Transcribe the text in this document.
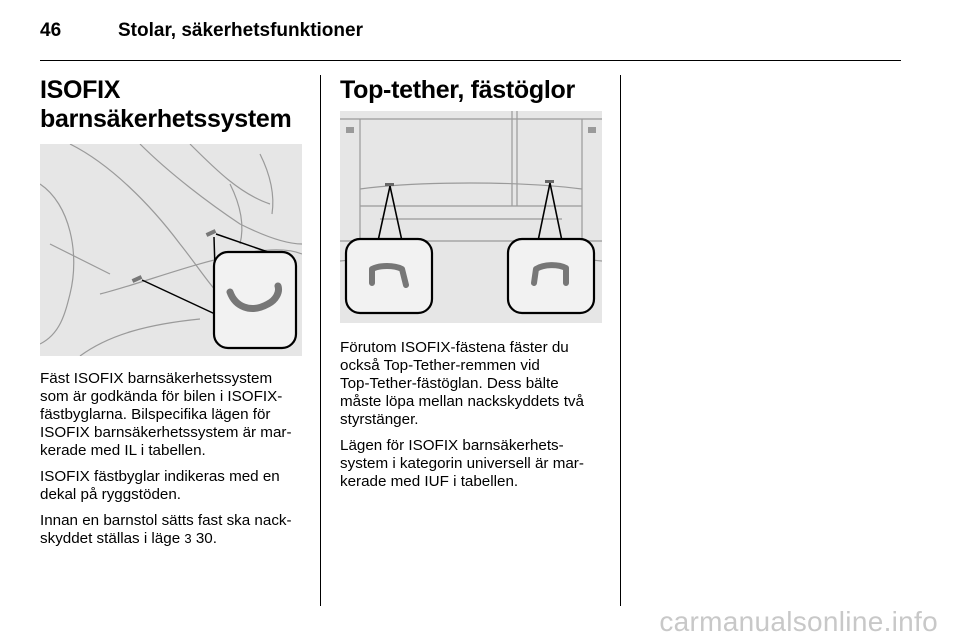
46	Stolar, säkerhetsfunktioner
ISOFIX
barnsäkerhetssystem

Fäst ISOFIX barnsäkerhetssystem
som är godkända för bilen i ISOFIX-
fästbyglarna. Bilspecifika lägen för
ISOFIX barnsäkerhetssystem är mar-
kerade med IL i tabellen.

ISOFIX fästbyglar indikeras med en
dekal på ryggstöden.

Innan en barnstol sätts fast ska nack-
skyddet ställas i läge 3 30.

Top-tether, fästöglor

Förutom ISOFIX-fästena fäster du
också Top-Tether-remmen vid
Top-Tether-fästöglan. Dess bälte
måste löpa mellan nackskyddets två
styrstänger.

Lägen för ISOFIX barnsäkerhets-
system i kategorin universell är mar-
kerade med IUF i tabellen.

carmanualsonline.info
